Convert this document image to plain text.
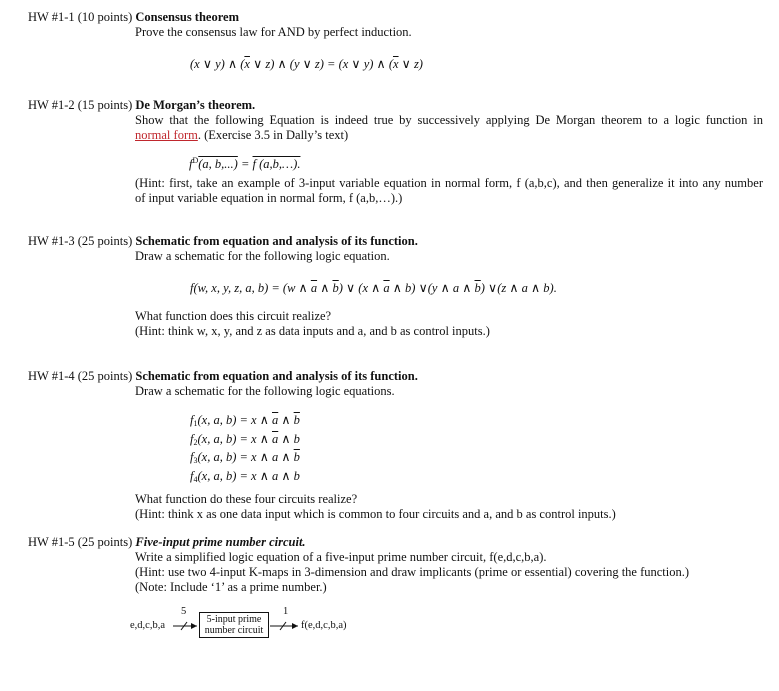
HW #1-1 (10 points) Consensus theorem
Prove the consensus law for AND by perfect induction.
(x ∨ y) ∧ ($\overline{x}$ ∨ z) ∧ (y ∨ z) = (x ∨ y) ∧ ($\overline{x}$ ∨ z)
HW #1-2 (15 points) De Morgan’s theorem.
Show that the following Equation is indeed true by successively applying De Morgan theorem to a logic function in
normal form. (Exercise 3.5 in Dally’s text)
$f^D(a$, b,...) = f (a,b,…).
(Hint: first, take an example of 3-input variable equation in normal form, f (a,b,c), and then generalize it into any number
of input variable equation in normal form, f (a,b,…).)
HW #1-3 (25 points) Schematic from equation and analysis of its function.
Draw a schematic for the following logic equation.
f(w, x, y, z, a, b) = (w ∧ $\overline{a}$ ∧ $\overline{b}$) ∨ (x ∧ $\overline{a}$ ∧ b) ∨(y ∧ a ∧ $\overline{b}$) ∨(z ∧ a ∧ b).
What function does this circuit realize?
(Hint: think w, x, y, and z as data inputs and a, and b as control inputs.)
HW #1-4 (25 points) Schematic from equation and analysis of its function.
Draw a schematic for the following logic equations.
$f_1(x$, a, b) = x ∧ $\overline{a}$ ∧ $\overline{b}$
$f_2(x$, a, b) = x ∧ $\overline{a}$ ∧ b
$f_3(x$, a, b) = x ∧ a ∧ $\overline{b}$
$f_4(x$, a, b) = x ∧ a ∧ b
What function do these four circuits realize?
(Hint: think x as one data input which is common to four circuits and a, and b as control inputs.)
HW #1-5 (25 points) Five-input prime number circuit.
Write a simplified logic equation of a five-input prime number circuit, f(e,d,c,b,a).
(Hint: use two 4-input K-maps in 3-dimension and draw implicants (prime or essential) covering the function.)
(Note: Include ‘1’ as a prime number.)
e,d,c,b,a
5
5-input prime
number circuit
1
f(e,d,c,b,a)
